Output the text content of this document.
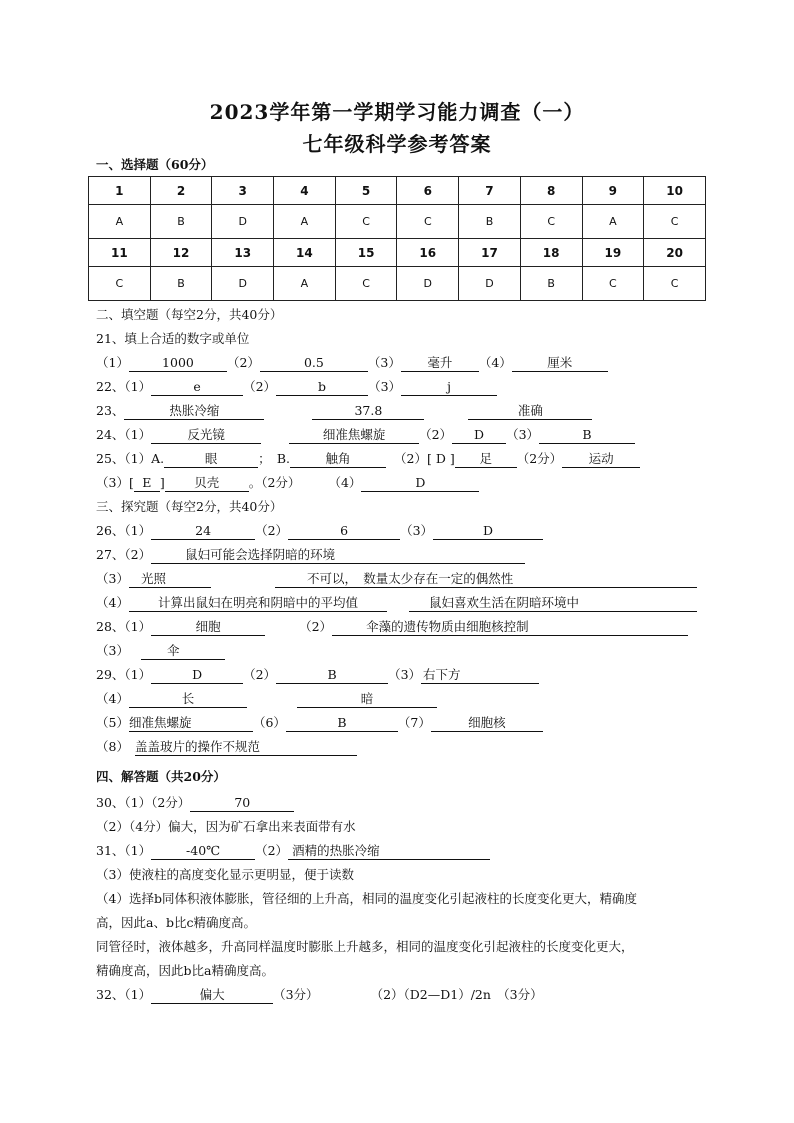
2023学年第一学期学习能力调查（一）
七年级科学参考答案
一、选择题（60分）
1	2	3	4	5	6	7	8	9	10
A	B	D	A	C	C	B	C	A	C
11	12	13	14	15	16	17	18	19	20
C	B	D	A	C	D	D	B	C	C
二、填空题（每空2分，共40分）
21、填上合适的数字或单位
（1）	1000	（2）	0.5	（3） 毫升 （4）	厘米
22、（1）	e	（2）	b	（3）	j
23、	热胀冷缩	37.8	准确
24、（1）	反光镜	细准焦螺旋	（2） D （3）	B
25、（1）A.	眼	；　B.	触角	（2）[ D ] 足 （2分） 运动
（3）[ E ] 贝壳 。（2分） （4）	D
三、探究题（每空2分，共40分）
26、（1）	24	（2）	6	（3）	D
27、（2）	鼠妇可能会选择阴暗的环境
（3） 光照	不可以，　数量太少存在一定的偶然性
（4） 计算出鼠妇在明亮和阴暗中的平均值	鼠妇喜欢生活在阴暗环境中
28、（1）	细胞	（2）	伞藻的遗传物质由细胞核控制
（3）	伞
29、（1）	D	（2）	B	（3） 右下方
（4）	长	暗
（5）细准焦螺旋	（6）	B	（7）	细胞核
（8） 盖盖玻片的操作不规范
四、解答题（共20分）
30、（1）（2分）	70
（2）（4分）偏大，因为矿石拿出来表面带有水
31、（1）	-40℃	（2） 酒精的热胀冷缩
（3）使液柱的高度变化显示更明显，便于读数
（4）选择b同体积液体膨胀，管径细的上升高，相同的温度变化引起液柱的长度变化更大，精确度
高，因此a、b比c精确度高。
同管径时，液体越多，升高同样温度时膨胀上升越多，相同的温度变化引起液柱的长度变化更大，
精确度高，因此b比a精确度高。
32、（1）	偏大	（3分）	（2）（D2—D1）/2n　（3分）
